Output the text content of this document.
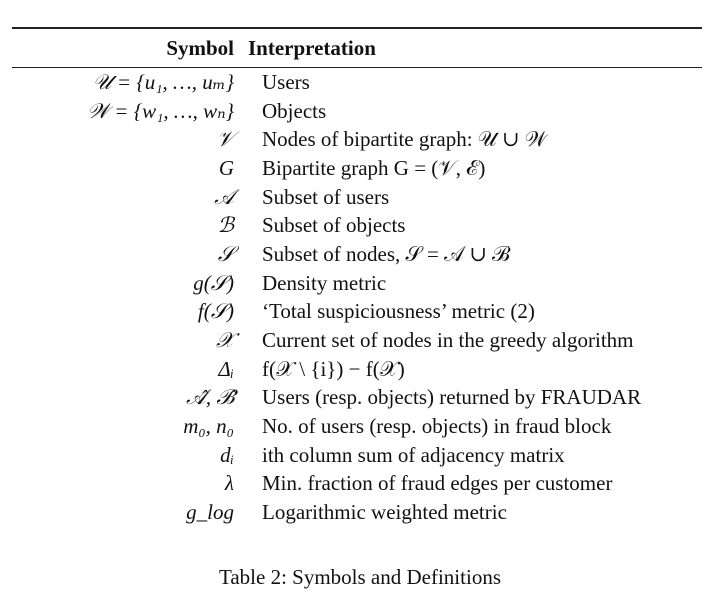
Symbol	Interpretation
𝒰 = {u₁, …, uₘ}	Users
𝒲 = {w₁, …, wₙ}	Objects
𝒱	Nodes of bipartite graph: 𝒰 ∪ 𝒲
G	Bipartite graph G = (𝒱, ℰ)
𝒜	Subset of users
ℬ	Subset of objects
𝒮	Subset of nodes, 𝒮 = 𝒜 ∪ ℬ
g(𝒮)	Density metric
f(𝒮)	‘Total suspiciousness’ metric (2)
𝒳	Current set of nodes in the greedy algorithm
Δᵢ	f(𝒳 \ {i}) − f(𝒳)
𝒜̂, ℬ̂	Users (resp. objects) returned by FRAUDAR
m₀, n₀	No. of users (resp. objects) in fraud block
dᵢ	ith column sum of adjacency matrix
λ	Min. fraction of fraud edges per customer
g_log	Logarithmic weighted metric
Table 2: Symbols and Definitions
